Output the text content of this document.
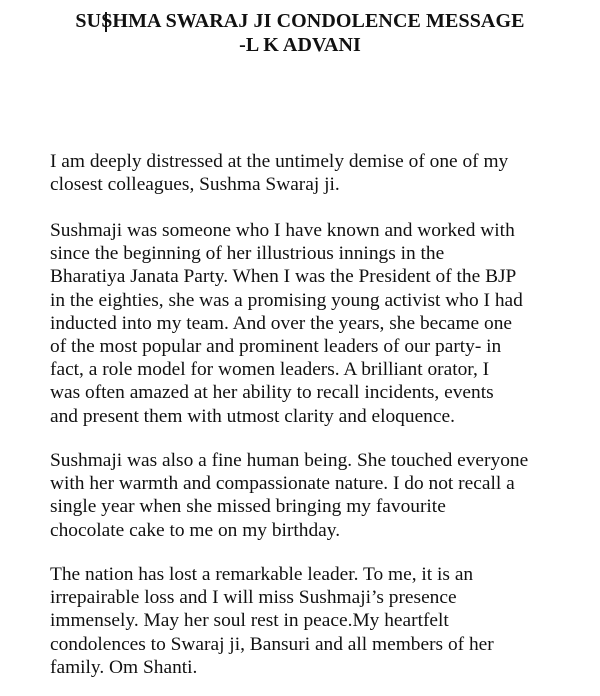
SUSHMA SWARAJ JI CONDOLENCE MESSAGE
-L K ADVANI

I am deeply distressed at the untimely demise of one of my
closest colleagues, Sushma Swaraj ji.

Sushmaji was someone who I have known and worked with
since the beginning of her illustrious innings in the
Bharatiya Janata Party. When I was the President of the BJP
in the eighties, she was a promising young activist who I had
inducted into my team. And over the years, she became one
of the most popular and prominent leaders of our party- in
fact, a role model for women leaders. A brilliant orator, I
was often amazed at her ability to recall incidents, events
and present them with utmost clarity and eloquence.

Sushmaji was also a fine human being. She touched everyone
with her warmth and compassionate nature. I do not recall a
single year when she missed bringing my favourite
chocolate cake to me on my birthday.

The nation has lost a remarkable leader. To me, it is an
irrepairable loss and I will miss Sushmaji’s presence
immensely. May her soul rest in peace.My heartfelt
condolences to Swaraj ji, Bansuri and all members of her
family. Om Shanti.
